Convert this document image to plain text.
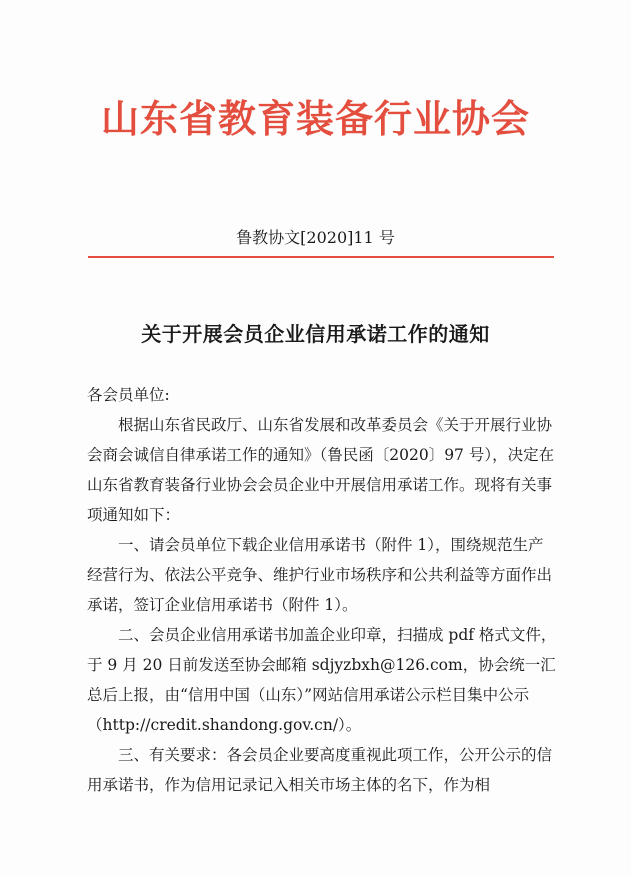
山东省教育装备行业协会
鲁教协文[2020]11 号
关于开展会员企业信用承诺工作的通知

各会员单位:

根据山东省民政厅、山东省发展和改革委员会《关于开展行业协会商会诚信自律承诺工作的通知》（鲁民函〔2020〕97 号），决定在山东省教育装备行业协会会员企业中开展信用承诺工作。现将有关事项通知如下：

一、请会员单位下载企业信用承诺书（附件 1），围绕规范生产经营行为、依法公平竞争、维护行业市场秩序和公共利益等方面作出承诺，签订企业信用承诺书（附件 1）。

二、会员企业信用承诺书加盖企业印章，扫描成 pdf 格式文件，于 9 月 20 日前发送至协会邮箱 sdjyzbxh@126.com，协会统一汇总后上报，由“信用中国（山东）”网站信用承诺公示栏目集中公示（http://credit.shandong.gov.cn/）。

三、有关要求：各会员企业要高度重视此项工作，公开公示的信用承诺书，作为信用记录记入相关市场主体的名下，作为相
